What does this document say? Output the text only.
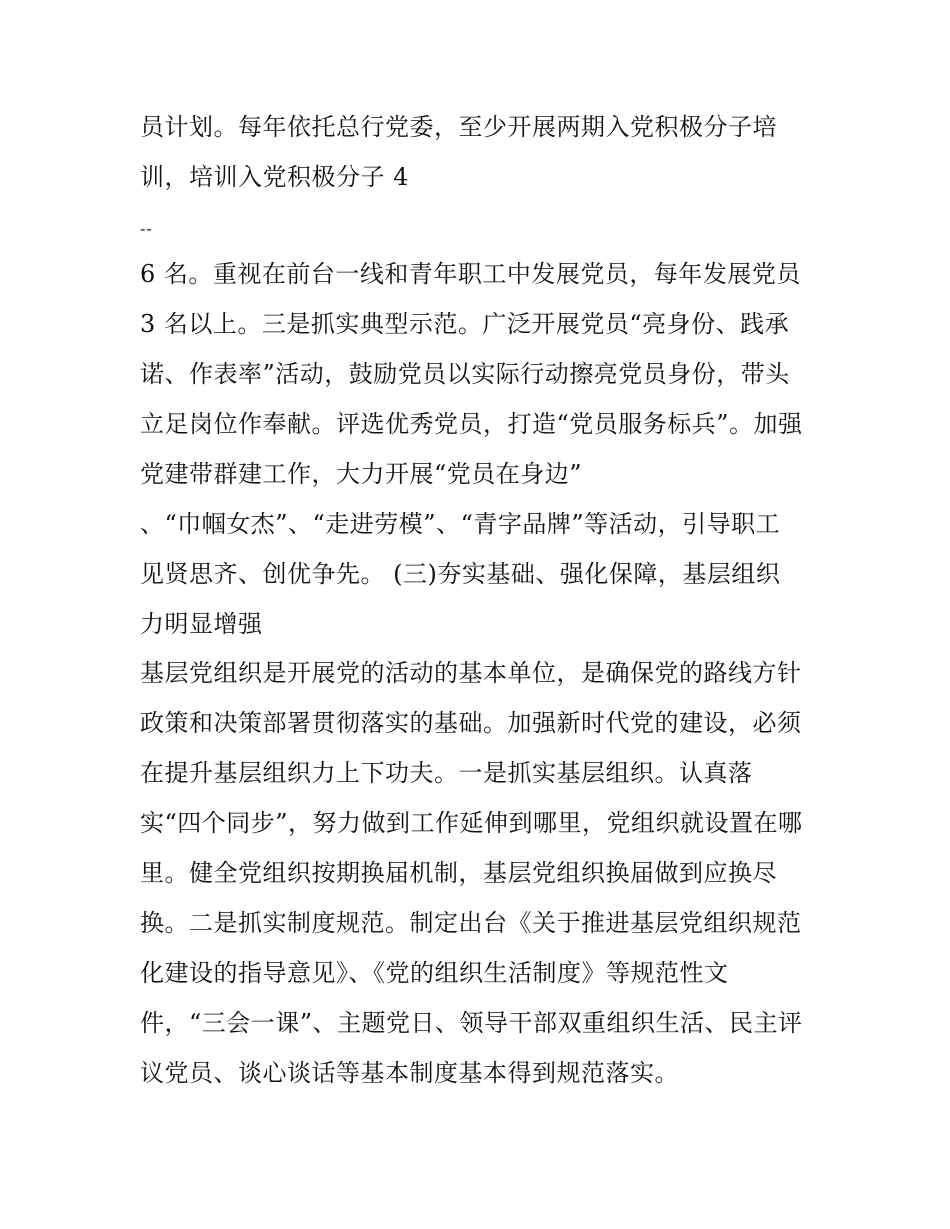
员计划。每年依托总行党委，至少开展两期入党积极分子培
训，培训入党积极分子 4
--
6 名。重视在前台一线和青年职工中发展党员，每年发展党员
3 名以上。三是抓实典型示范。广泛开展党员“亮身份、践承
诺、作表率”活动，鼓励党员以实际行动擦亮党员身份，带头
立足岗位作奉献。评选优秀党员，打造“党员服务标兵”。加强
党建带群建工作，大力开展“党员在身边”
、“巾帼女杰”、“走进劳模”、“青字品牌”等活动，引导职工
见贤思齐、创优争先。 (三)夯实基础、强化保障，基层组织
力明显增强
基层党组织是开展党的活动的基本单位，是确保党的路线方针
政策和决策部署贯彻落实的基础。加强新时代党的建设，必须
在提升基层组织力上下功夫。一是抓实基层组织。认真落
实“四个同步”，努力做到工作延伸到哪里，党组织就设置在哪
里。健全党组织按期换届机制，基层党组织换届做到应换尽
换。二是抓实制度规范。制定出台《关于推进基层党组织规范
化建设的指导意见》、《党的组织生活制度》等规范性文
件，“三会一课”、主题党日、领导干部双重组织生活、民主评
议党员、谈心谈话等基本制度基本得到规范落实。
